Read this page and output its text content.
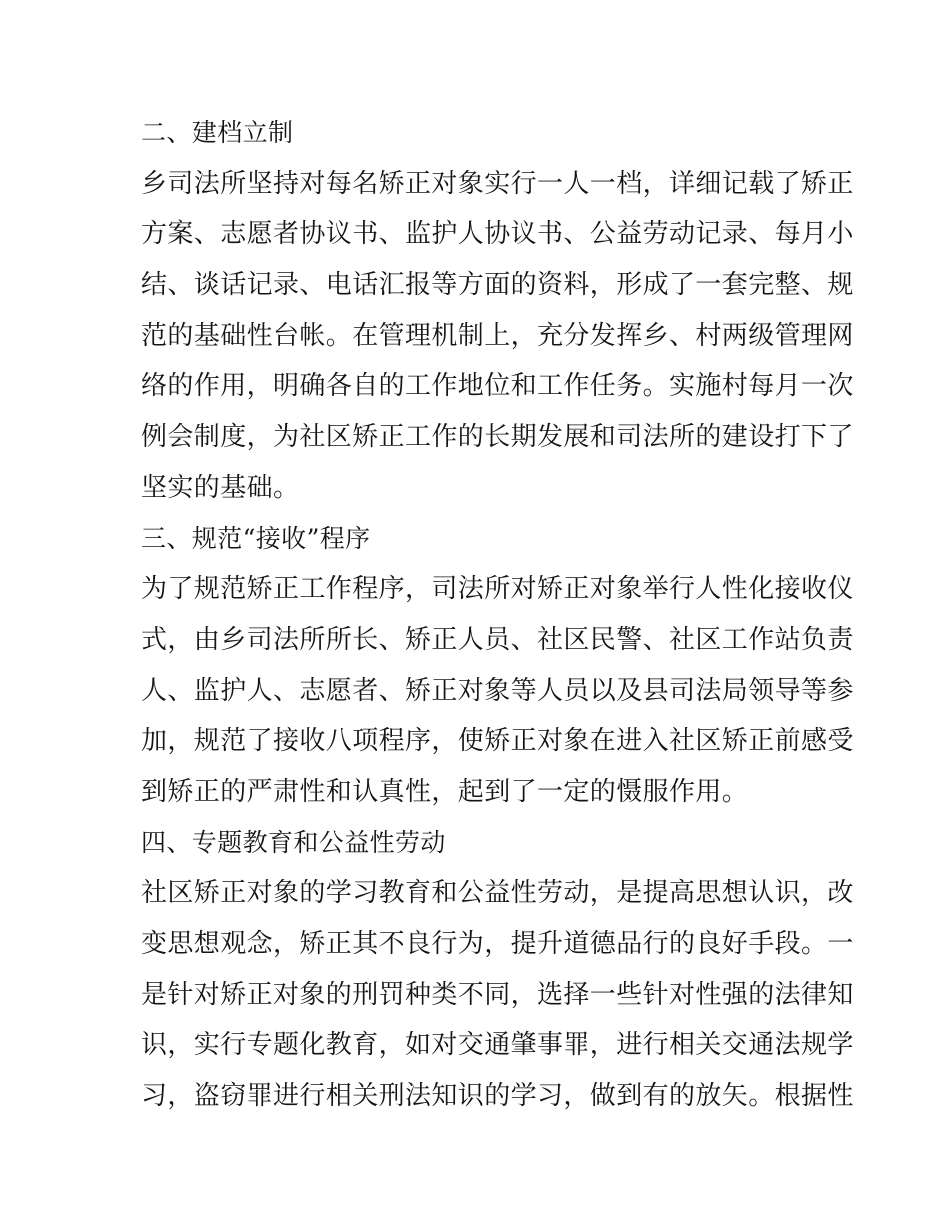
二、建档立制
乡司法所坚持对每名矫正对象实行一人一档，详细记载了矫正
方案、志愿者协议书、监护人协议书、公益劳动记录、每月小
结、谈话记录、电话汇报等方面的资料，形成了一套完整、规
范的基础性台帐。在管理机制上，充分发挥乡、村两级管理网
络的作用，明确各自的工作地位和工作任务。实施村每月一次
例会制度，为社区矫正工作的长期发展和司法所的建设打下了
坚实的基础。
三、规范“接收”程序
为了规范矫正工作程序，司法所对矫正对象举行人性化接收仪
式，由乡司法所所长、矫正人员、社区民警、社区工作站负责
人、监护人、志愿者、矫正对象等人员以及县司法局领导等参
加，规范了接收八项程序，使矫正对象在进入社区矫正前感受
到矫正的严肃性和认真性，起到了一定的慑服作用。
四、专题教育和公益性劳动
社区矫正对象的学习教育和公益性劳动，是提高思想认识，改
变思想观念，矫正其不良行为，提升道德品行的良好手段。一
是针对矫正对象的刑罚种类不同，选择一些针对性强的法律知
识，实行专题化教育，如对交通肇事罪，进行相关交通法规学
习，盗窃罪进行相关刑法知识的学习，做到有的放矢。根据性
